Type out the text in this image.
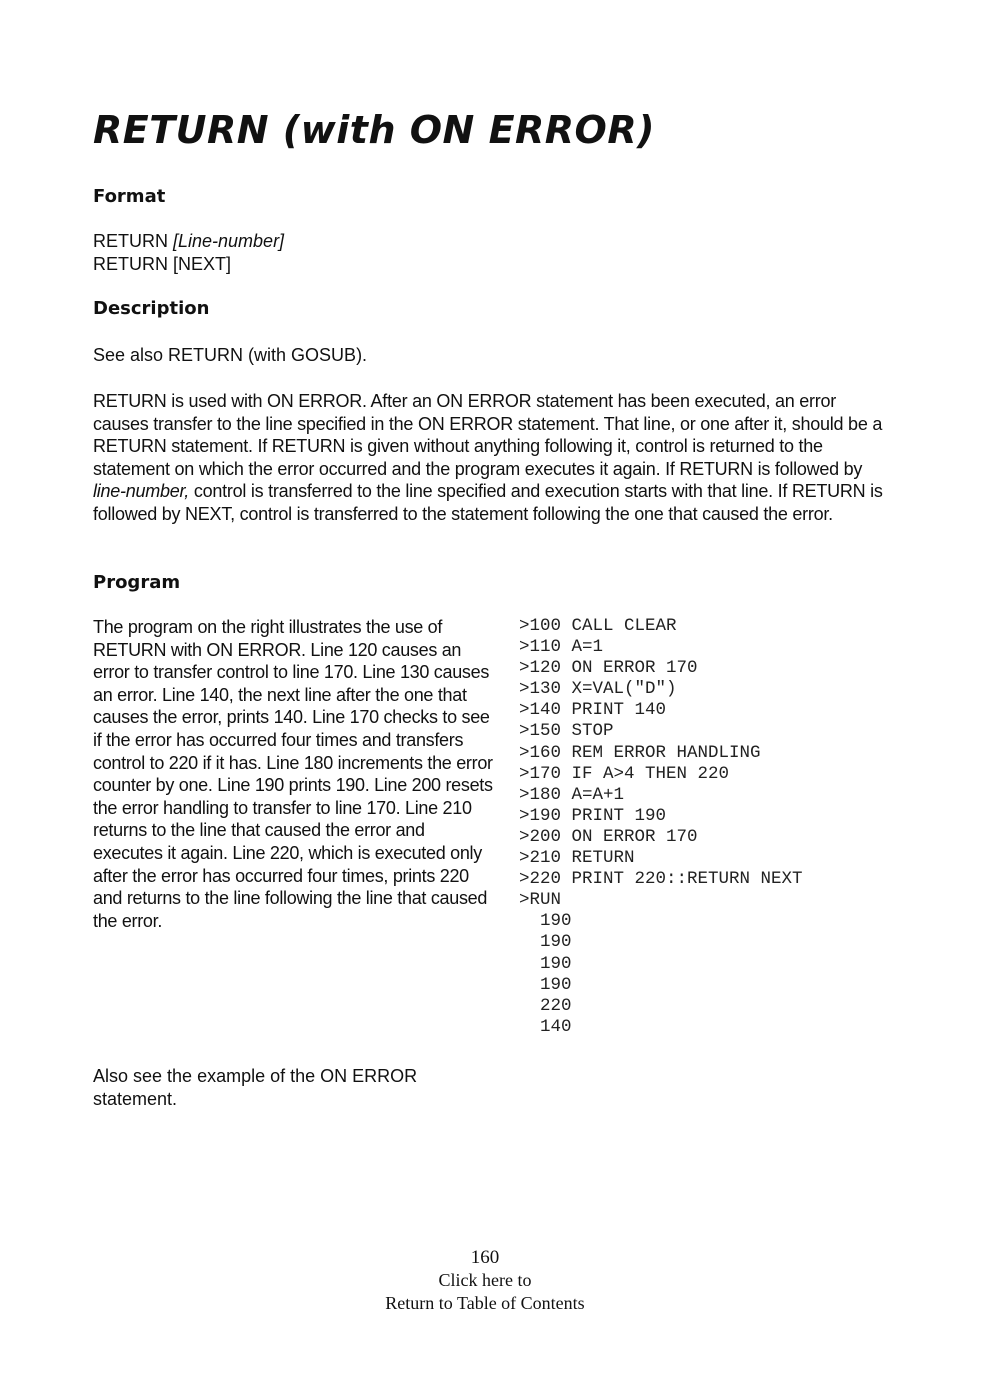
RETURN (with ON ERROR)
Format
RETURN [Line-number]
RETURN [NEXT]
Description
See also RETURN (with GOSUB).
RETURN is used with ON ERROR. After an ON ERROR statement has been executed, an error causes transfer to the line specified in the ON ERROR statement. That line, or one after it, should be a RETURN statement. If RETURN is given without anything following it, control is returned to the statement on which the error occurred and the program executes it again. If RETURN is followed by line-number, control is transferred to the line specified and execution starts with that line. If RETURN is followed by NEXT, control is transferred to the statement following the one that caused the error.
Program
The program on the right illustrates the use of RETURN with ON ERROR. Line 120 causes an error to transfer control to line 170. Line 130 causes an error. Line 140, the next line after the one that causes the error, prints 140. Line 170 checks to see if the error has occurred four times and transfers control to 220 if it has. Line 180 increments the error counter by one. Line 190 prints 190. Line 200 resets the error handling to transfer to line 170. Line 210 returns to the line that caused the error and executes it again. Line 220, which is executed only after the error has occurred four times, prints 220 and returns to the line following the line that caused the error.
>100 CALL CLEAR
>110 A=1
>120 ON ERROR 170
>130 X=VAL("D")
>140 PRINT 140
>150 STOP
>160 REM ERROR HANDLING
>170 IF A>4 THEN 220
>180 A=A+1
>190 PRINT 190
>200 ON ERROR 170
>210 RETURN
>220 PRINT 220::RETURN NEXT
>RUN
190
190
190
190
220
140
Also see the example of the ON ERROR statement.
160
Click here to
Return to Table of Contents
